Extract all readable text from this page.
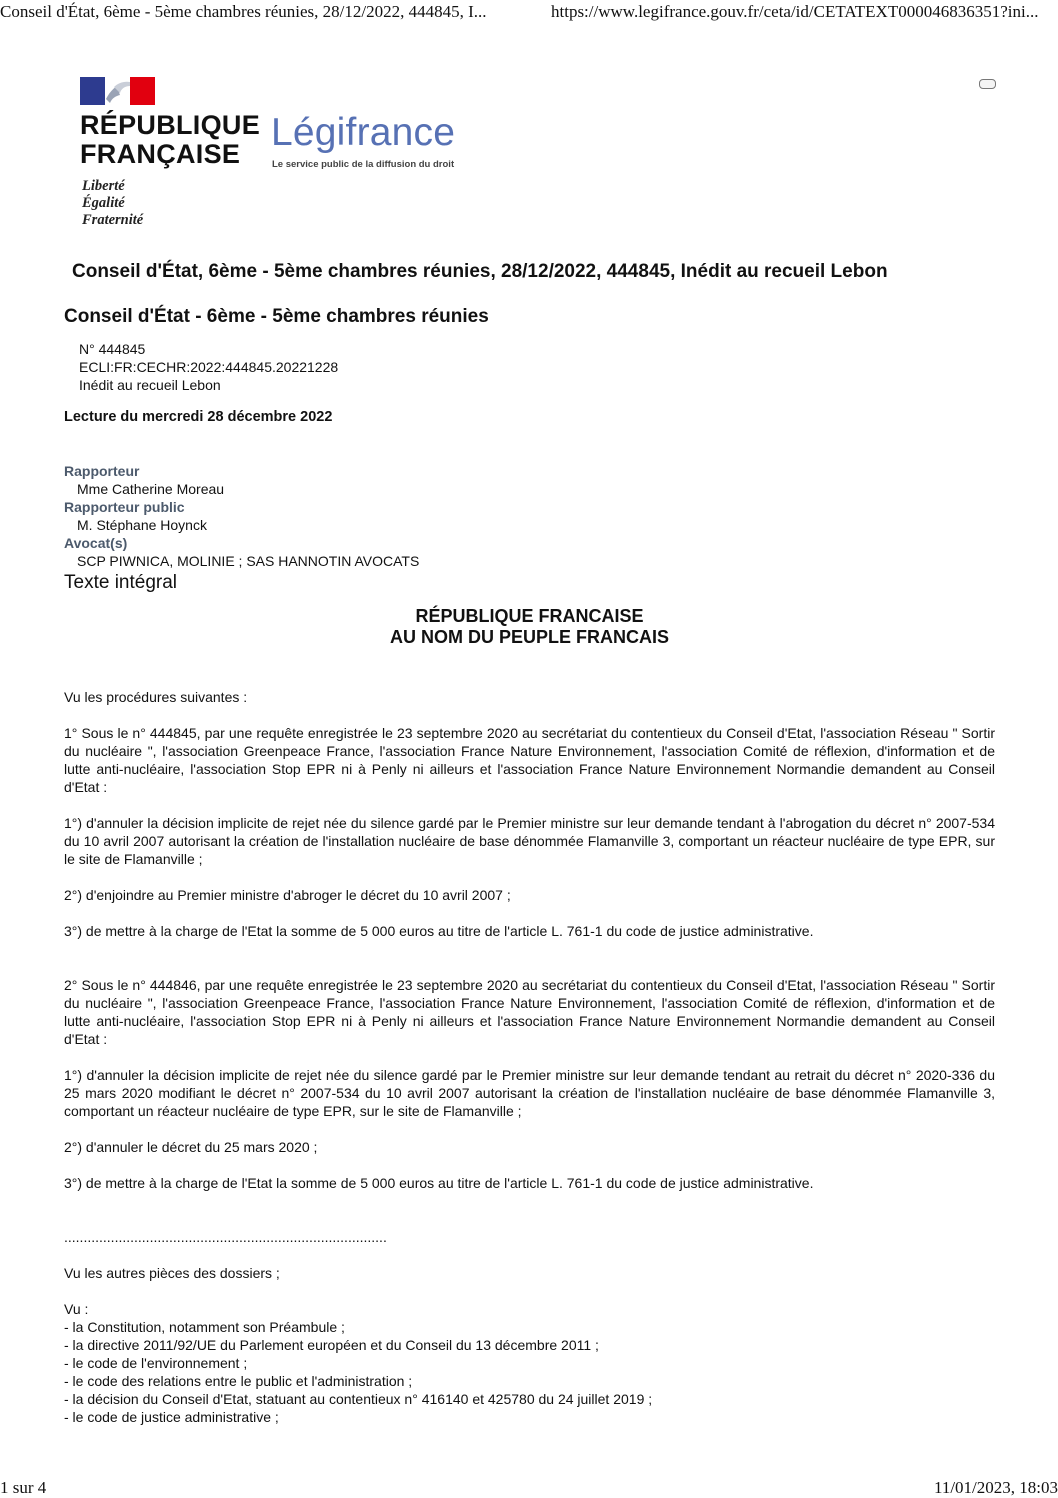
Conseil d'État, 6ème - 5ème chambres réunies, 28/12/2022, 444845, I...	https://www.legifrance.gouv.fr/ceta/id/CETATEXT000046836351?ini...
RÉPUBLIQUE
FRANÇAISE
Liberté
Égalité
Fraternité
Légifrance
Le service public de la diffusion du droit
Conseil d'État, 6ème - 5ème chambres réunies, 28/12/2022, 444845, Inédit au recueil Lebon
Conseil d'État - 6ème - 5ème chambres réunies
N° 444845
ECLI:FR:CECHR:2022:444845.20221228
Inédit au recueil Lebon
Lecture du mercredi 28 décembre 2022
Rapporteur
Mme Catherine Moreau
Rapporteur public
M. Stéphane Hoynck
Avocat(s)
SCP PIWNICA, MOLINIE ; SAS HANNOTIN AVOCATS
Texte intégral
RÉPUBLIQUE FRANCAISE
AU NOM DU PEUPLE FRANCAIS

Vu les procédures suivantes :

1° Sous le n° 444845, par une requête enregistrée le 23 septembre 2020 au secrétariat du contentieux du Conseil d'Etat, l'association Réseau " Sortir du nucléaire ", l'association Greenpeace France, l'association France Nature Environnement, l'association Comité de réflexion, d'information et de lutte anti-nucléaire, l'association Stop EPR ni à Penly ni ailleurs et l'association France Nature Environnement Normandie demandent au Conseil d'Etat :

1°) d'annuler la décision implicite de rejet née du silence gardé par le Premier ministre sur leur demande tendant à l'abrogation du décret n° 2007-534 du 10 avril 2007 autorisant la création de l'installation nucléaire de base dénommée Flamanville 3, comportant un réacteur nucléaire de type EPR, sur le site de Flamanville ;

2°) d'enjoindre au Premier ministre d'abroger le décret du 10 avril 2007 ;

3°) de mettre à la charge de l'Etat la somme de 5 000 euros au titre de l'article L. 761-1 du code de justice administrative.

2° Sous le n° 444846, par une requête enregistrée le 23 septembre 2020 au secrétariat du contentieux du Conseil d'Etat, l'association Réseau " Sortir du nucléaire ", l'association Greenpeace France, l'association France Nature Environnement, l'association Comité de réflexion, d'information et de lutte anti-nucléaire, l'association Stop EPR ni à Penly ni ailleurs et l'association France Nature Environnement Normandie demandent au Conseil d'Etat :

1°) d'annuler la décision implicite de rejet née du silence gardé par le Premier ministre sur leur demande tendant au retrait du décret n° 2020-336 du 25 mars 2020 modifiant le décret n° 2007-534 du 10 avril 2007 autorisant la création de l'installation nucléaire de base dénommée Flamanville 3, comportant un réacteur nucléaire de type EPR, sur le site de Flamanville ;

2°) d'annuler le décret du 25 mars 2020 ;

3°) de mettre à la charge de l'Etat la somme de 5 000 euros au titre de l'article L. 761-1 du code de justice administrative.

...................................................................................

Vu les autres pièces des dossiers ;

Vu :
- la Constitution, notamment son Préambule ;
- la directive 2011/92/UE du Parlement européen et du Conseil du 13 décembre 2011 ;
- le code de l'environnement ;
- le code des relations entre le public et l'administration ;
- la décision du Conseil d'Etat, statuant au contentieux n° 416140 et 425780 du 24 juillet 2019 ;
- le code de justice administrative ;
1 sur 4	11/01/2023, 18:03
